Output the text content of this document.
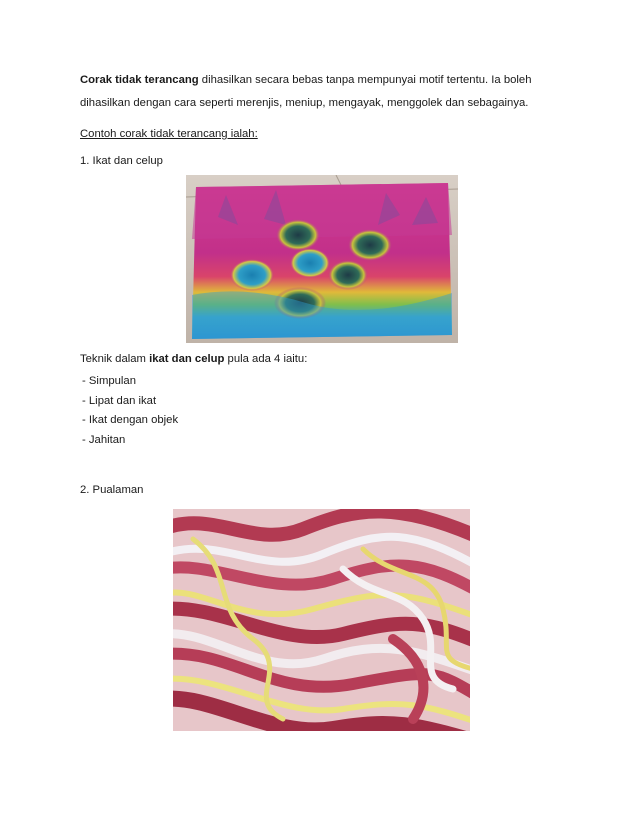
Corak tidak terancang dihasilkan secara bebas tanpa mempunyai motif tertentu. Ia boleh
dihasilkan dengan cara seperti merenjis, meniup, mengayak, menggolek dan sebagainya.
Contoh corak tidak terancang ialah:
1. Ikat dan celup
Teknik dalam ikat dan celup pula ada 4 iaitu:
- Simpulan
- Lipat dan ikat
- Ikat dengan objek
- Jahitan
2. Pualaman
